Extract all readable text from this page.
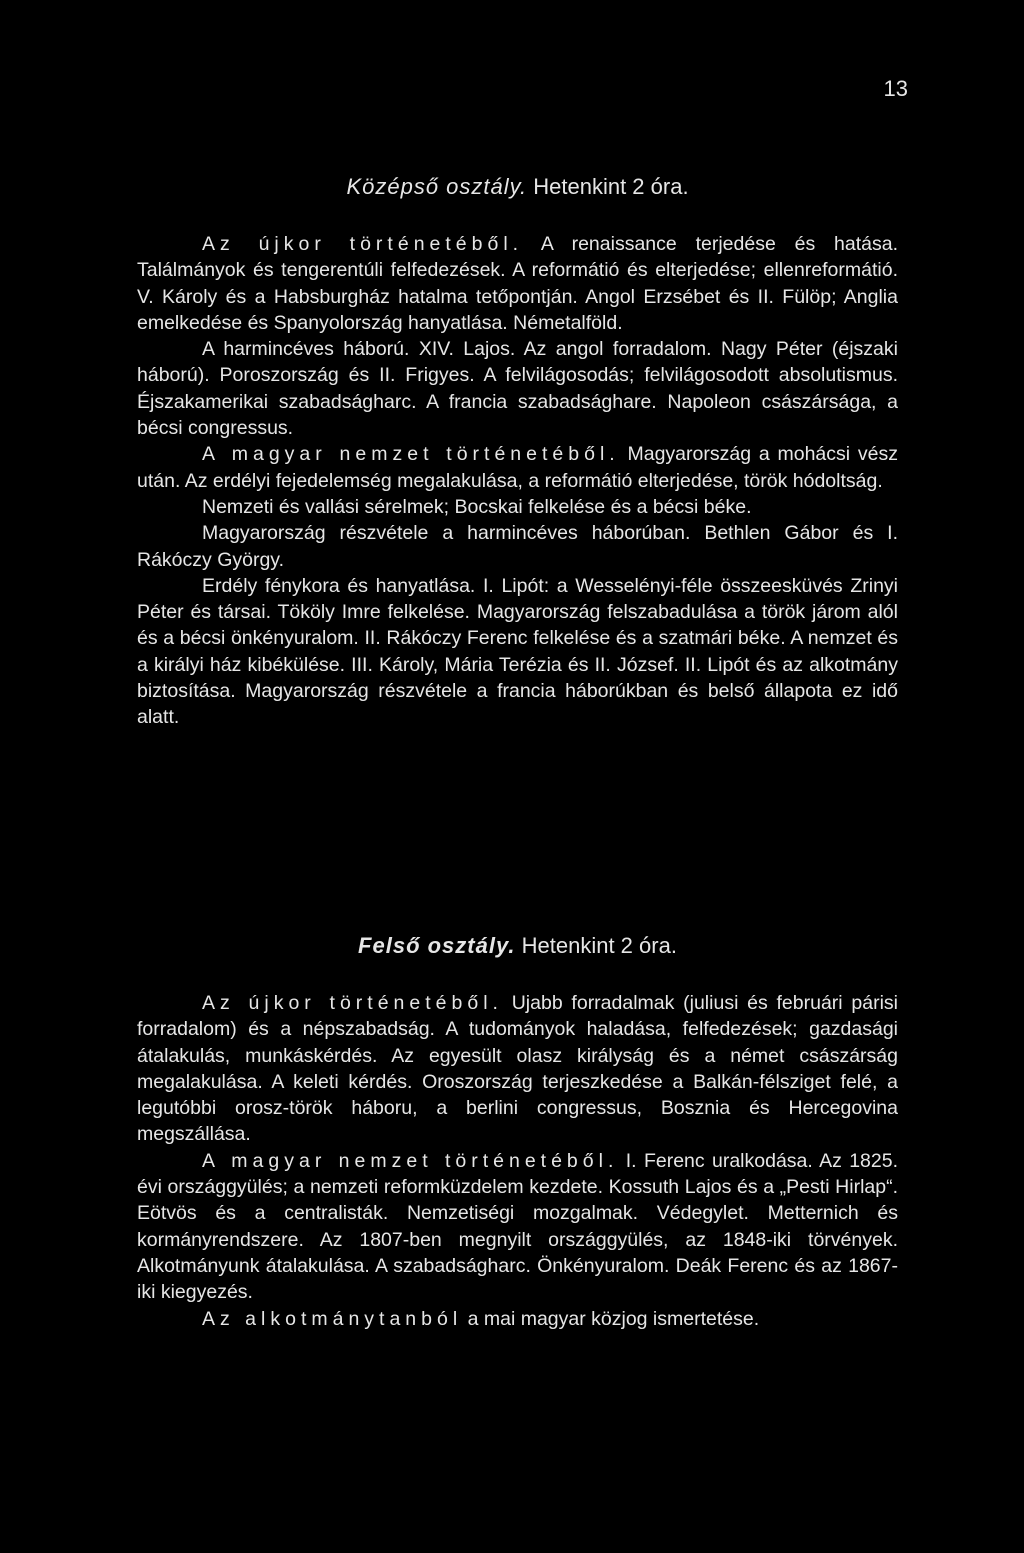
13
Középső osztály. Hetenkint 2 óra.

Az újkor történetéből. A renaissance terjedése és hatása. Találmányok és tengerentúli felfedezések. A reformátió és elterjedése; ellenreformátió. V. Károly és a Habsburgház hatalma tetőpontján. Angol Erzsébet és II. Fülöp; Anglia emelkedése és Spanyolország hanyatlása. Németalföld.

A harmincéves háború. XIV. Lajos. Az angol forradalom. Nagy Péter (éjszaki háború). Poroszország és II. Frigyes. A felvilágosodás; felvilágosodott absolutismus. Éjszakamerikai szabadságharc. A francia szabadsághare. Napoleon császársága, a bécsi congressus.

A magyar nemzet történetéből. Magyarország a mohácsi vész után. Az erdélyi fejedelemség megalakulása, a reformátió elterjedése, török hódoltság.

Nemzeti és vallási sérelmek; Bocskai felkelése és a bécsi béke.

Magyarország részvétele a harmincéves háborúban. Bethlen Gábor és I. Rákóczy György.

Erdély fénykora és hanyatlása. I. Lipót: a Wesselényi-féle összeesküvés Zrinyi Péter és társai. Tököly Imre felkelése. Magyarország felszabadulása a török járom alól és a bécsi önkényuralom. II. Rákóczy Ferenc felkelése és a szatmári béke. A nemzet és a királyi ház kibékülése. III. Károly, Mária Terézia és II. József. II. Lipót és az alkotmány biztosítása. Magyarország részvétele a francia háborúkban és belső állapota ez idő alatt.

Felső osztály. Hetenkint 2 óra.

Az újkor történetéből. Ujabb forradalmak (juliusi és februári párisi forradalom) és a népszabadság. A tudományok haladása, felfedezések; gazdasági átalakulás, munkáskérdés. Az egyesült olasz királyság és a német császárság megalakulása. A keleti kérdés. Oroszország terjeszkedése a Balkán-félsziget felé, a legutóbbi orosz-török háboru, a berlini congressus, Bosznia és Hercegovina megszállása.

A magyar nemzet történetéből. I. Ferenc uralkodása. Az 1825. évi országgyülés; a nemzeti reformküzdelem kezdete. Kossuth Lajos és a „Pesti Hirlap“. Eötvös és a centralisták. Nemzetiségi mozgalmak. Védegylet. Metternich és kormányrendszere. Az 1807-ben megnyilt országgyülés, az 1848-iki törvények. Alkotmányunk átalakulása. A szabadságharc. Önkényuralom. Deák Ferenc és az 1867-iki kiegyezés.

Az alkotmánytanból a mai magyar közjog ismertetése.
